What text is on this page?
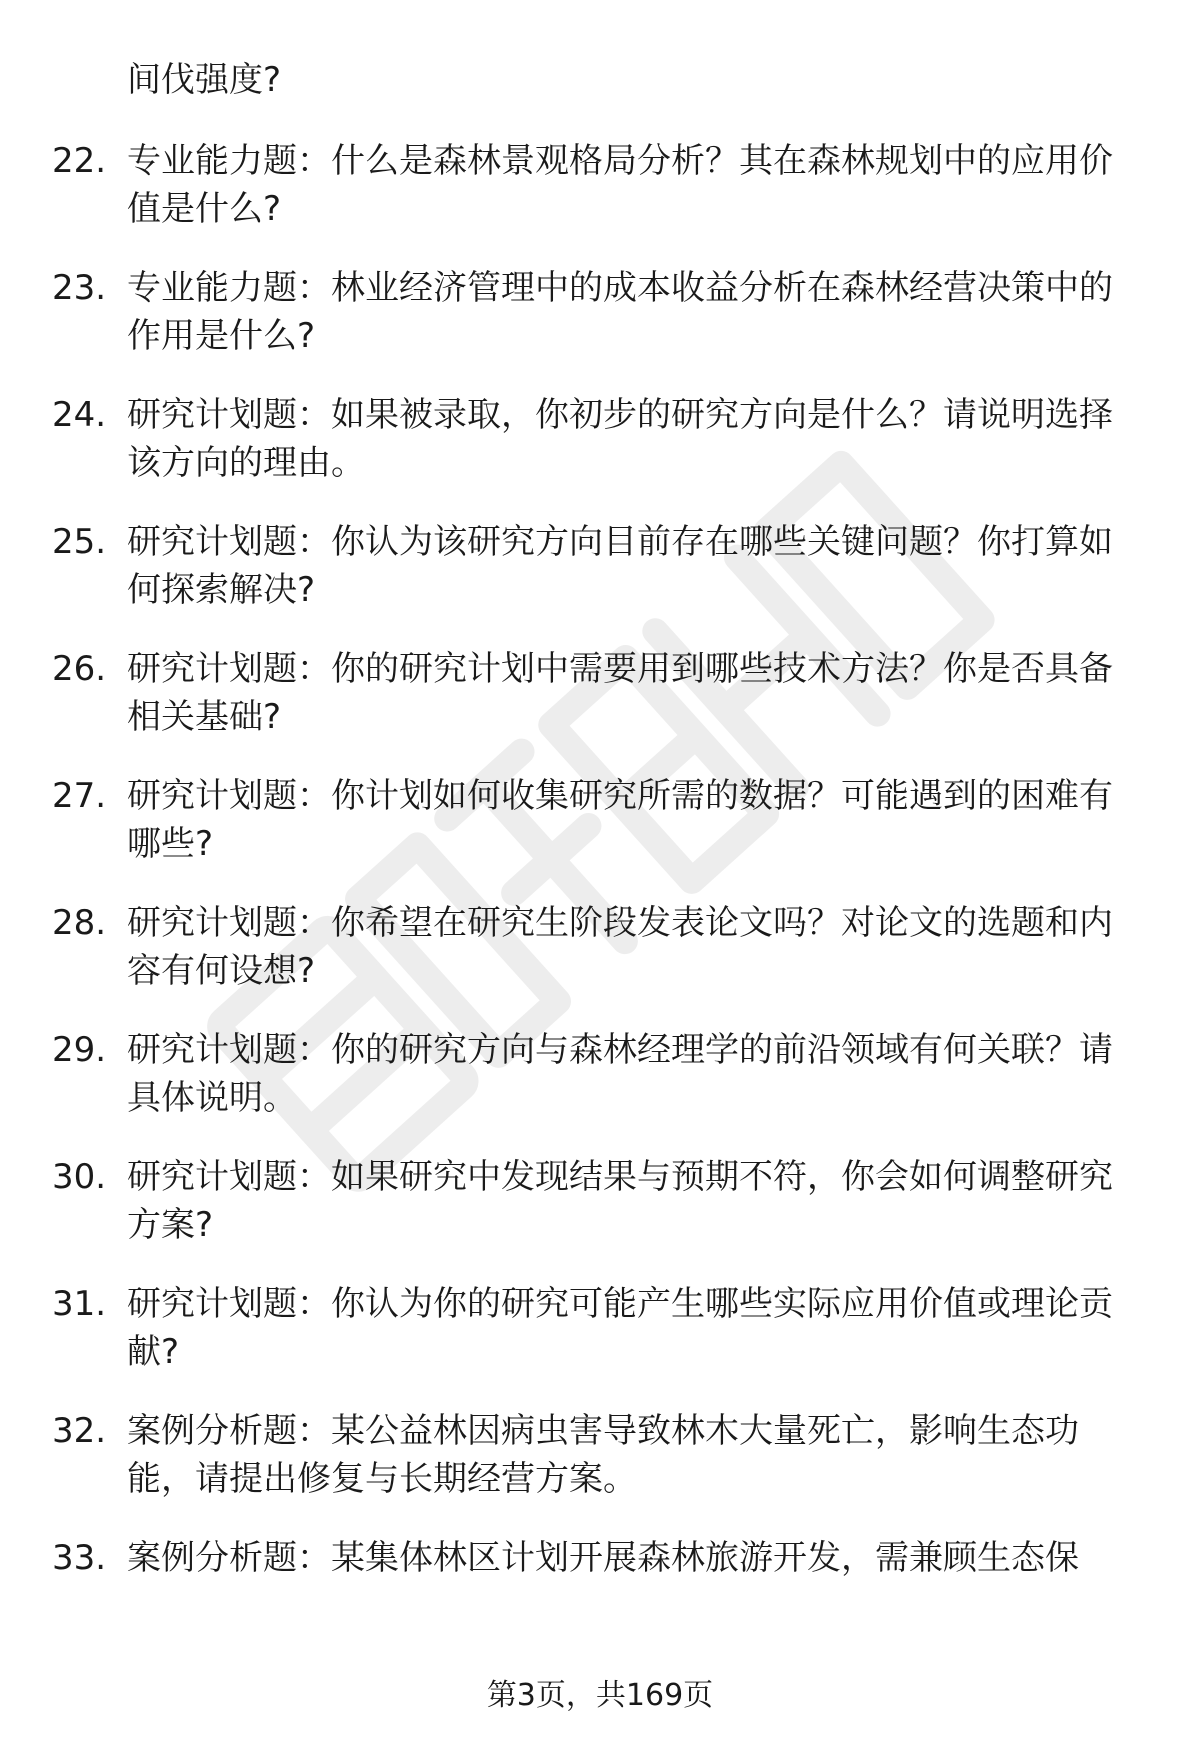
间伐强度?
22. 专业能力题：什么是森林景观格局分析？其在森林规划中的应用价值是什么?
23. 专业能力题：林业经济管理中的成本收益分析在森林经营决策中的作用是什么?
24. 研究计划题：如果被录取，你初步的研究方向是什么？请说明选择该方向的理由。
25. 研究计划题：你认为该研究方向目前存在哪些关键问题？你打算如何探索解决?
26. 研究计划题：你的研究计划中需要用到哪些技术方法？你是否具备相关基础?
27. 研究计划题：你计划如何收集研究所需的数据？可能遇到的困难有哪些?
28. 研究计划题：你希望在研究生阶段发表论文吗？对论文的选题和内容有何设想?
29. 研究计划题：你的研究方向与森林经理学的前沿领域有何关联？请具体说明。
30. 研究计划题：如果研究中发现结果与预期不符，你会如何调整研究方案?
31. 研究计划题：你认为你的研究可能产生哪些实际应用价值或理论贡献?
32. 案例分析题：某公益林因病虫害导致林木大量死亡，影响生态功能，请提出修复与长期经营方案。
33. 案例分析题：某集体林区计划开展森林旅游开发，需兼顾生态保
第3页，共169页
